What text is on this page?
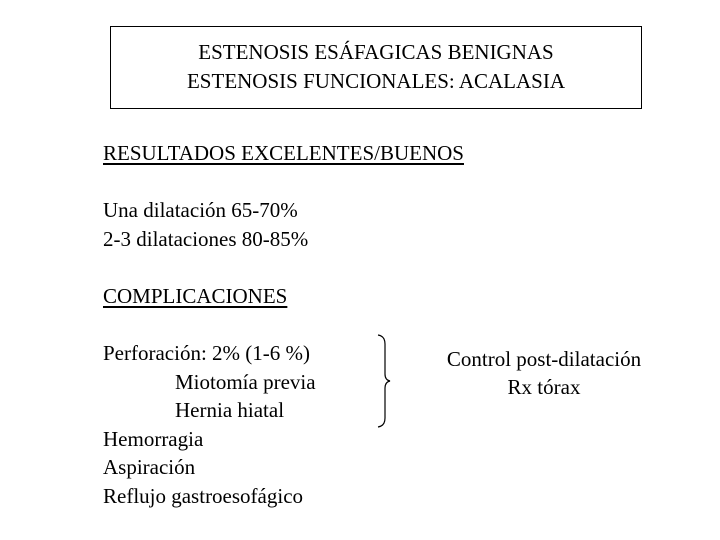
ESTENOSIS ESÁFAGICAS BENIGNAS
ESTENOSIS FUNCIONALES: ACALASIA
RESULTADOS EXCELENTES/BUENOS
Una dilatación 65-70%
2-3 dilataciones 80-85%
COMPLICACIONES
Perforación: 2% (1-6 %)
Miotomía previa
Hernia hiatal
Hemorragia
Aspiración
Reflujo gastroesofágico
Control post-dilatación
Rx tórax
